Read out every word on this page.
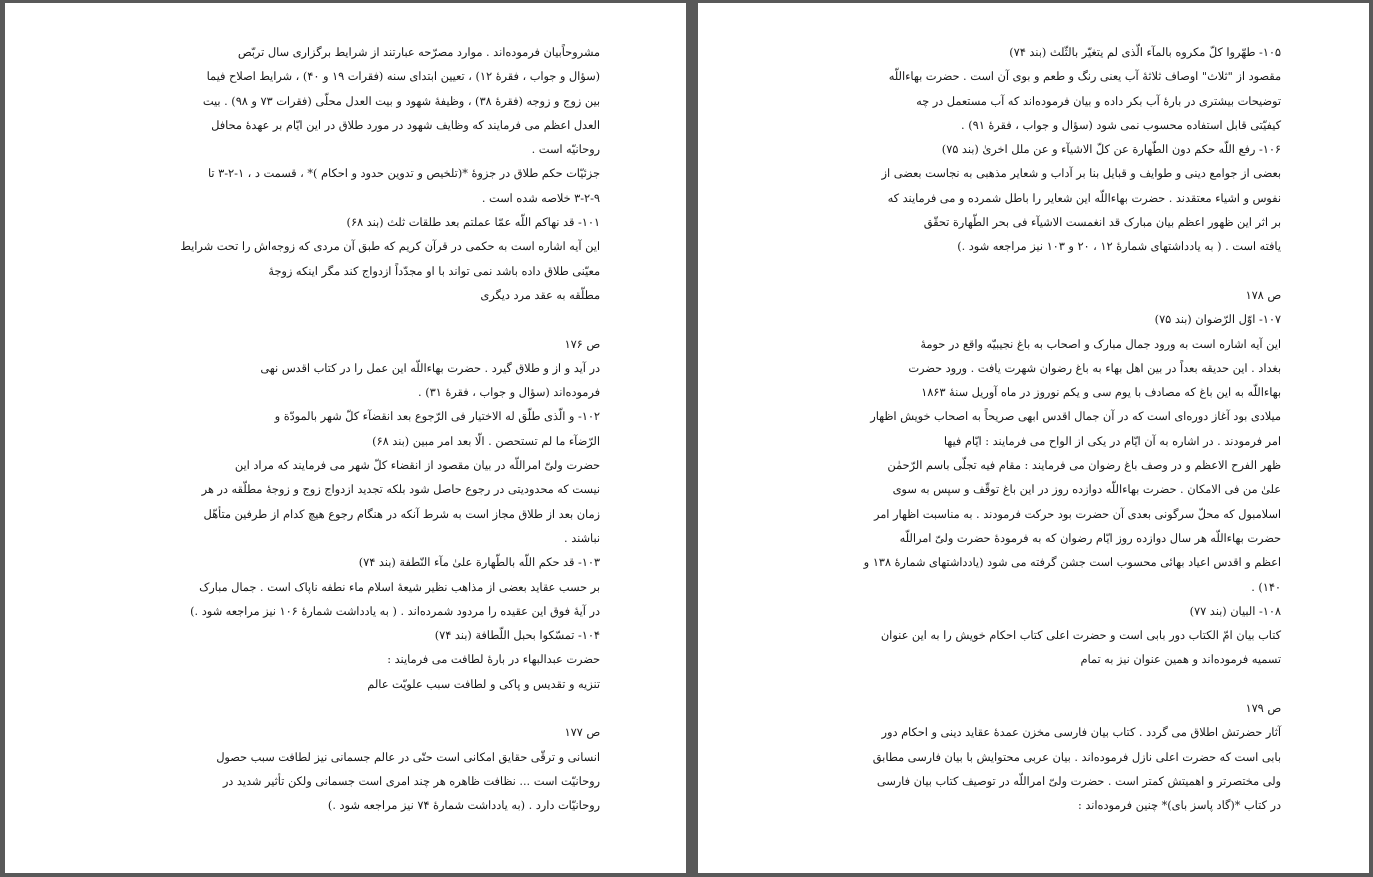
مشروحاًبیان فرموده‌اند . موارد مصرّحه عبارتند از شرایط برگزاری سال تربّص
(سؤال و جواب ، فقرۀ ۱۲) ، تعیین ابتدای سنه (فقرات ۱۹ و ۴۰) ، شرایط اصلاح فیما
بین زوج و زوجه (فقرۀ ۳۸) ، وظیفۀ شهود و بیت العدل محلّی (فقرات ۷۳ و ۹۸) . بیت
العدل اعظم می فرمایند که وظایف شهود در مورد طلاق در این ایّام بر عهدۀ محافل
روحانیّه است .
جزئیّات حکم طلاق در جزوۀ *(تلخیص و تدوین حدود و احکام )* ، قسمت د ، ۱-۲-۳ تا
۳-۲-۹ خلاصه شده است .
۱۰۱- قد نهاکم اللّه عمّا عملتم بعد طلقات ثلث (بند ۶۸)
این آیه اشاره است به حکمی در قرآن کریم که طبق آن مردی که زوجه‌اش را تحت شرایط
معیّنی طلاق داده باشد نمی تواند با او مجدّداً ازدواج کند مگر اینکه زوجۀ
مطلّقه به عقد مرد دیگری
ص ۱۷۶
در آید و از و طلاق گیرد . حضرت بهاءاللّه این عمل را در کتاب اقدس نهی
فرموده‌اند (سؤال و جواب ، فقرۀ ۳۱) .
۱۰۲- و الّذی طلّق له الاختیار فی الرّجوع بعد انقضآء کلّ شهر بالمودّة و
الرّضآء ما لم تستحصن . الّا بعد امر مبین (بند ۶۸)
حضرت ولیّ امراللّه در بیان مقصود از انقضاء کلّ شهر می فرمایند که مراد این
نیست که محدودیتی در رجوع حاصل شود بلکه تجدید ازدواج زوج و زوجۀ مطلّقه در هر
زمان بعد از طلاق مجاز است به شرط آنکه در هنگام رجوع هیچ کدام از طرفین متأهّل
نباشند .
۱۰۳- قد حکم اللّه بالطّهارة علیٰ مآء النّطفة (بند ۷۴)
بر حسب عقاید بعضی از مذاهب نظیر شیعۀ اسلام ماء نطفه ناپاک است . جمال مبارک
در آیۀ فوق این عقیده را مردود شمرده‌اند . ( به یادداشت شمارۀ ۱۰۶ نیز مراجعه شود .)
۱۰۴- تمسّکوا بحبل اللّطافة (بند ۷۴)
حضرت عبدالبهاء در بارۀ لطافت می فرمایند :
تنزیه و تقدیس و پاکی و لطافت سبب علویّت عالم
ص ۱۷۷
انسانی و ترقّی حقایق امکانی است حتّی در عالم جسمانی نیز لطافت سبب حصول
روحانیّت است ... نظافت ظاهره هر چند امری است جسمانی ولکن تأثیر شدید در
روحانیّات دارد . (به یادداشت شمارۀ ۷۴ نیز مراجعه شود .)
۱۰۵- طهّروا کلّ مکروه بالمآء الّذی لم یتغیّر بالثّلث (بند ۷۴)
مقصود از "ثلاث" اوصاف ثلاثۀ آب یعنی رنگ و طعم و بوی آن است . حضرت بهاءاللّه
توضیحات بیشتری در بارۀ آب بکر داده و بیان فرموده‌اند که آب مستعمل در چه
کیفیّتی قابل استفاده محسوب نمی شود (سؤال و جواب ، فقرۀ ۹۱) .
۱۰۶- رفع اللّه حکم دون الطّهارة عن کلّ الاشیآء و عن ملل اخریٰ (بند ۷۵)
بعضی از جوامع دینی و طوایف و قبایل بنا بر آداب و شعایر مذهبی به نجاست بعضی از
نفوس و اشیاء معتقدند . حضرت بهاءاللّه این شعایر را باطل شمرده و می فرمایند که
بر اثر این ظهور اعظم بیان مبارک قد انغمست الاشیآء فی بحر الطّهارة تحقّق
یافته است . ( به یادداشتهای شمارۀ ۱۲ ، ۲۰ و ۱۰۳ نیز مراجعه شود .)
ص ۱۷۸
۱۰۷- اوّل الرّضوان (بند ۷۵)
این آیه اشاره است به ورود جمال مبارک و اصحاب به باغ نجیبیّه واقع در حومۀ
بغداد . این حدیقه بعداً در بین اهل بهاء به باغ رضوان شهرت یافت . ورود حضرت
بهاءاللّه به این باغ که مصادف با یوم سی و یکم نوروز در ماه آوریل سنۀ ۱۸۶۳
میلادی بود آغاز دوره‌ای است که در آن جمال اقدس ابهی صریحاً به اصحاب خویش اظهار
امر فرمودند . در اشاره به آن ایّام در یکی از الواح می فرمایند : ایّام فیها
ظهر الفرح الاعظم و در وصف باغ رضوان می فرمایند : مقام فیه تجلّی باسم الرّحمٰن
علیٰ من فی الامکان . حضرت بهاءاللّه دوازده روز در این باغ توقّف و سپس به سوی
اسلامبول که محلّ سرگونی بعدی آن حضرت بود حرکت فرمودند . به مناسبت اظهار امر
حضرت بهاءاللّه هر سال دوازده روز ایّام رضوان که به فرمودۀ حضرت ولیّ امراللّه
اعظم و اقدس اعیاد بهائی محسوب است جشن گرفته می شود (یادداشتهای شمارۀ ۱۳۸ و
۱۴۰) .
۱۰۸- البیان (بند ۷۷)
کتاب بیان امّ الکتاب دور بابی است و حضرت اعلی کتاب احکام خویش را به این عنوان
تسمیه فرموده‌اند و همین عنوان نیز به تمام
ص ۱۷۹
آثار حضرتش اطلاق می گردد . کتاب بیان فارسی مخزن عمدۀ عقاید دینی و احکام دور
بابی است که حضرت اعلی نازل فرموده‌اند . بیان عربی محتوایش با بیان فارسی مطابق
ولی مختصرتر و اهمیتش کمتر است . حضرت ولیّ امراللّه در توصیف کتاب بیان فارسی
در کتاب *(گاد پاسز بای)* چنین فرموده‌اند :
